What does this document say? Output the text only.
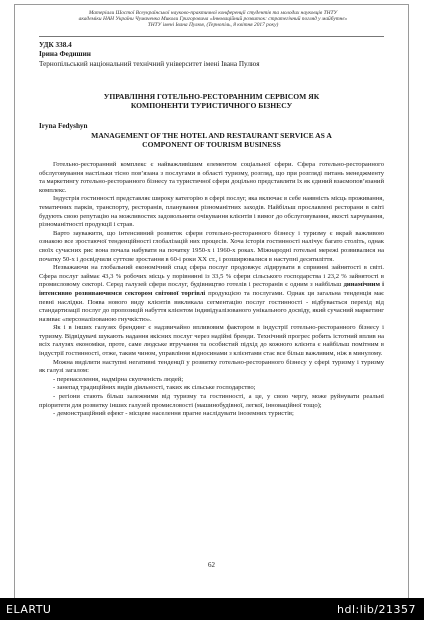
Матеріали Шостої Всеукраїнської науково-практичної конференції студентів та молодих науковців ТНТУ
академіки НАН України Чумаченка Миколи Григоровича «Інноваційний розвиток: стратегічний погляд у майбутнє»
ТНТУ імені Івана Пулюя, (Тернопіль, 8 квітня 2017 року)
УДК 338.4
Ірина Федишин
Тернопільський національний технічний університет імені Івана Пулюя
УПРАВЛІННЯ ГОТЕЛЬНО-РЕСТОРАННИМ СЕРВІСОМ ЯК
КОМПОНЕНТИ ТУРИСТИЧНОГО БІЗНЕСУ
Iryna Fedyshyn
MANAGEMENT OF THE HOTEL AND RESTAURANT SERVICE AS A
COMPONENT OF TOURISM BUSINESS

Готельно-ресторанний комплекс є найважливішим елементом соціальної сфери. Сфера готельно-ресторанного обслуговування настільки тісно пов’язана з послугами в області туризму, розгляд, що при розгляді питань менеджменту та маркетингу готельно-ресторанного бізнесу та туристичної сфери доцільно представляти їх як єдиний взаємопов’язаний комплекс.

Індустрія гостинності представляє широку категорію в сфері послуг, яка включає в себе наявність місць проживання, тематичних парків, транспорту, ресторанів, планування різноманітних заходів. Найбільш прославлені ресторани в світі будують свою репутацію на можливостях задовольняти очікування клієнтів і вимог до обслуговування, якості харчування, різноманітності продукції і страв.

Варто зауважити, що інтенсивний розвиток сфери готельно-ресторанного бізнесу і туризму є вкрай важливою ознакою все зростаючої тенденційності глобалізацій них процесів. Хоча історія гостинності налічує багато століть, однак своїх сучасних рис вона почала набувати на початку 1950-х і 1960-х роках. Міжнародні готельні мережі розвивалися на початку 50-х і досвідчили суттєве зростання в 60-і роки XX ст., і розширювалися в наступні десятиліття.

Незважаючи на глобальний економічний спад сфера послуг продовжує лідирувати в сприянні зайнятості в світі. Сфера послуг займає 43,3 % робочих місць у порівнянні із 33,5 % сфери сільського господарства і 23,2 % зайнятості в промисловому секторі. Серед галузей сфери послуг, будівництво готелів і ресторанів є одним з найбільш динамічним і інтенсивно розвиваючимся сектором світової торгівлі продукцією та послугами. Однак ця загальна тенденція має певні наслідки. Поява нового виду клієнтів викликала сегментацію послуг гостинності - відбувається перехід від стандартизації послуг до пропозицій набуття клієнтом індивідуалізованого унікального досвіду, який сучасний маркетинг називає «персоналізованою гнучкістю».

Як і в інших галузях брендинг є надзвичайно впливовим фактором в індустрії готельно-ресторанного бізнесу і туризму. Відвідувачі шукають надання якісних послуг через надійні бренди. Технічний прогрес робить істотний вплив на всіх галузях економіки, проте, саме людське втручання та особистий підхід до кожного клієнта є найбільш помітним в індустрії гостинності, отже, таким чином, управління відносинами з клієнтами стає все більш важливим, ніж в минулому.

Можна виділити наступні негативні тенденції у розвитку готельно-ресторанного бізнесу у сфері туризму і туризму як галузі загалом:

- перенаселення, надмірна скупченість людей;

- занепад традиційних видів діяльності, таких як сільське господарство;

- регіони стають більш залежними від туризму та гостинності, а це, у свою чергу, може руйнувати реальні пріоритети для розвитку інших галузей промисловості (машинобудівної, легкої, інноваційної тощо);

- демонстраційний ефект - місцеве населення прагне наслідувати іноземних туристів;

62
ELARTU	hdl:lib/21357
